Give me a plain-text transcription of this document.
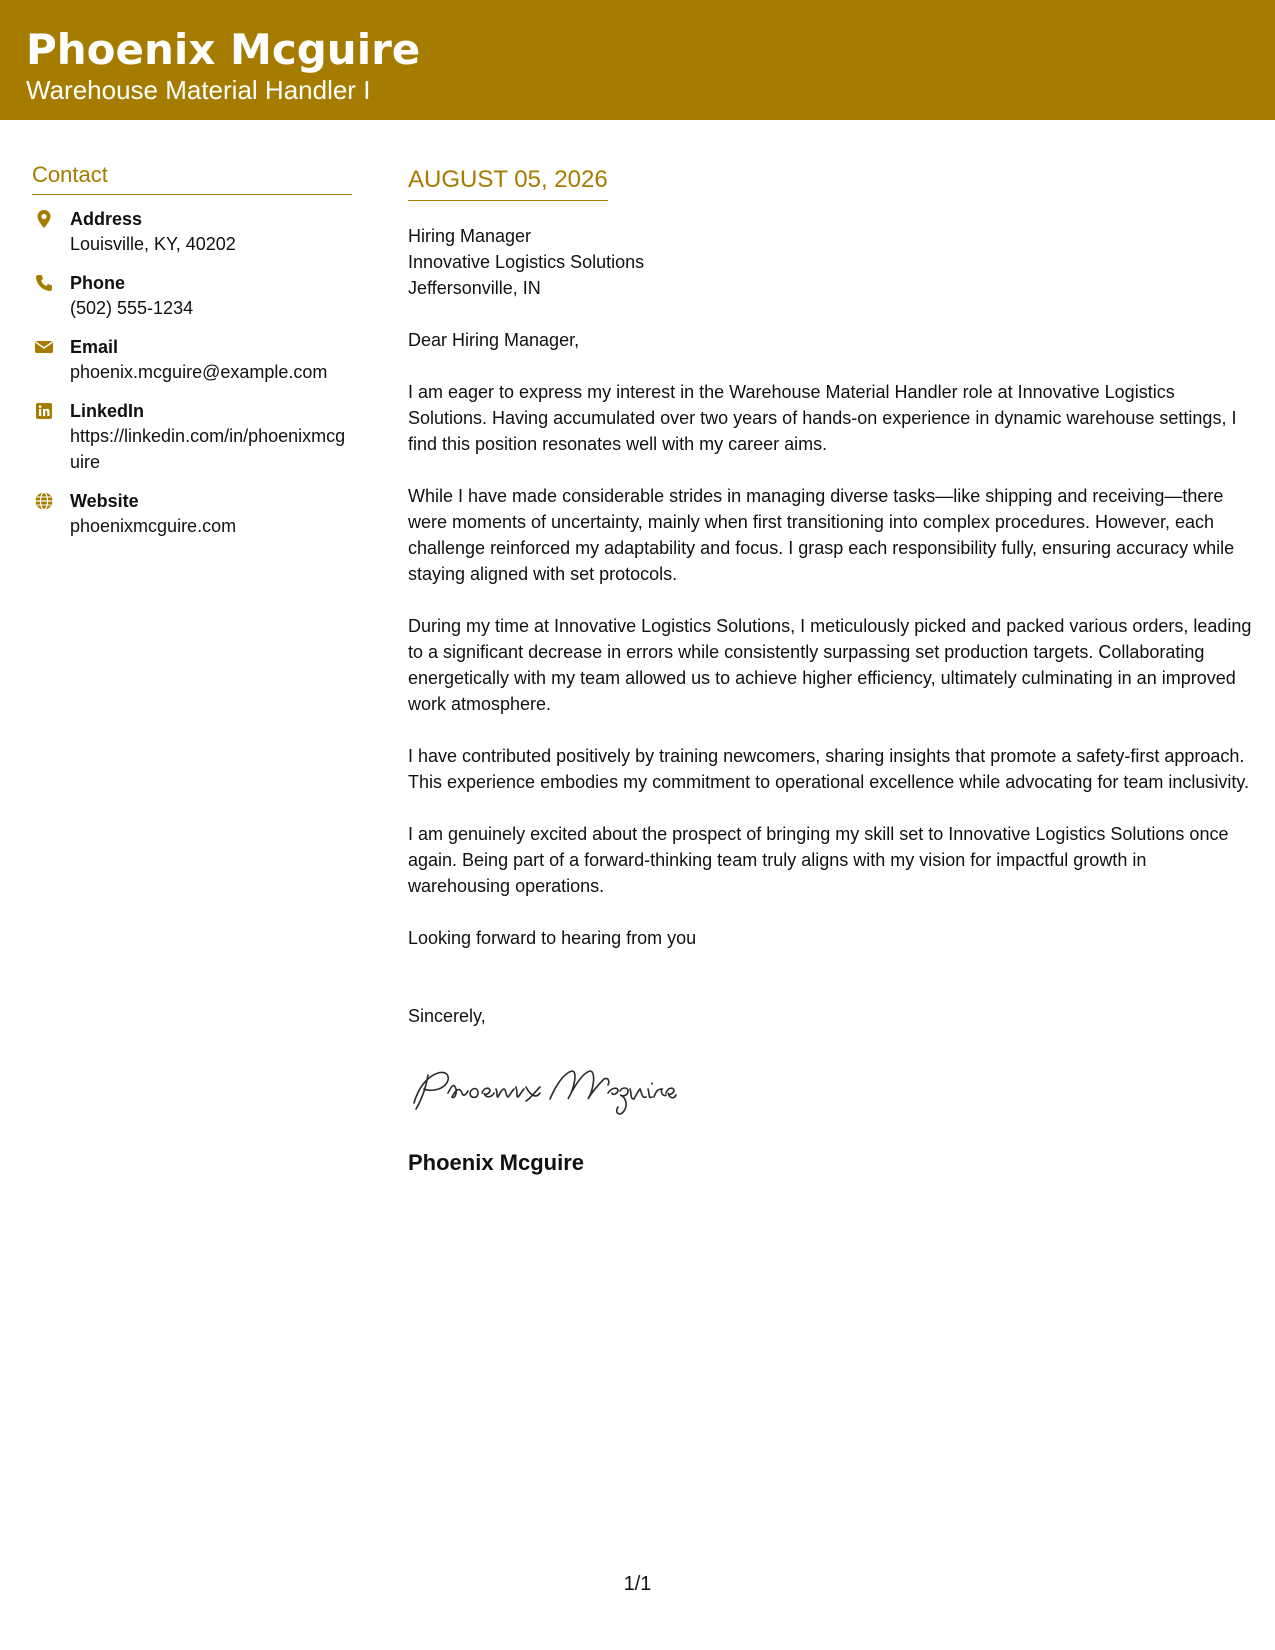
Phoenix Mcguire
Warehouse Material Handler I
Contact
Address
Louisville, KY, 40202
Phone
(502) 555-1234
Email
phoenix.mcguire@example.com
LinkedIn
https://linkedin.com/in/phoenixmcguire
Website
phoenixmcguire.com
AUGUST 05, 2026
Hiring Manager
Innovative Logistics Solutions
Jeffersonville, IN
Dear Hiring Manager,
I am eager to express my interest in the Warehouse Material Handler role at Innovative Logistics Solutions. Having accumulated over two years of hands-on experience in dynamic warehouse settings, I find this position resonates well with my career aims.
While I have made considerable strides in managing diverse tasks—like shipping and receiving—there were moments of uncertainty, mainly when first transitioning into complex procedures. However, each challenge reinforced my adaptability and focus. I grasp each responsibility fully, ensuring accuracy while staying aligned with set protocols.
During my time at Innovative Logistics Solutions, I meticulously picked and packed various orders, leading to a significant decrease in errors while consistently surpassing set production targets. Collaborating energetically with my team allowed us to achieve higher efficiency, ultimately culminating in an improved work atmosphere.
I have contributed positively by training newcomers, sharing insights that promote a safety-first approach. This experience embodies my commitment to operational excellence while advocating for team inclusivity.
I am genuinely excited about the prospect of bringing my skill set to Innovative Logistics Solutions once again. Being part of a forward-thinking team truly aligns with my vision for impactful growth in warehousing operations.
Looking forward to hearing from you
Sincerely,
Phoenix Mcguire
1/1
